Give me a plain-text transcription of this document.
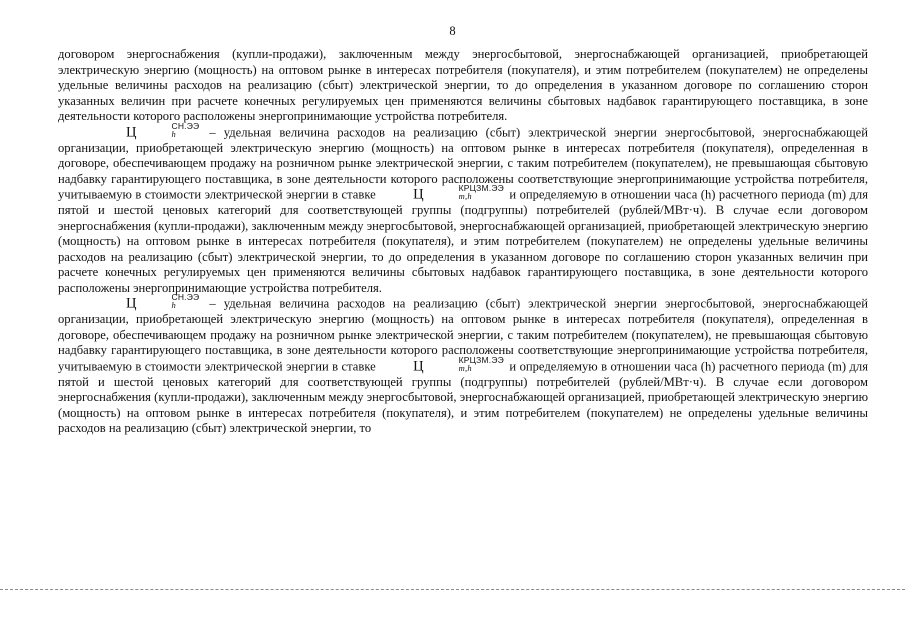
8

договором энергоснабжения (купли-продажи), заключенным между энергосбытовой, энергоснабжающей организацией, приобретающей электрическую энергию (мощность) на оптовом рынке в интересах потребителя (покупателя), и этим потребителем (покупателем) не определены удельные величины расходов на реализацию (сбыт) электрической энергии, то до определения в указанном договоре по соглашению сторон указанных величин при расчете конечных регулируемых цен применяются величины сбытовых надбавок гарантирующего поставщика, в зоне деятельности которого расположены энергопринимающие устройства потребителя.

Ц	СН.ЭЭ
h	– удельная величина расходов на реализацию (сбыт) электрической энергии энергосбытовой, энергоснабжающей организации, приобретающей электрическую энергию (мощность) на оптовом рынке в интересах потребителя (покупателя), определенная в договоре, обеспечивающем продажу на розничном рынке электрической энергии, с таким потребителем (покупателем), не превышающая сбытовую надбавку гарантирующего поставщика, в зоне деятельности которого расположены соответствующие энергопринимающие устройства потребителя, учитываемую в стоимости электрической энергии в ставке Ц	КРЦЗМ.ЭЭ
m,h	и определяемую в отношении часа (h) расчетного периода (m) для пятой и шестой ценовых категорий для соответствующей группы (подгруппы) потребителей (рублей/МВт·ч). В случае если договором энергоснабжения (купли-продажи), заключенным между энергосбытовой, энергоснабжающей организацией, приобретающей электрическую энергию (мощность) на оптовом рынке в интересах потребителя (покупателя), и этим потребителем (покупателем) не определены удельные величины расходов на реализацию (сбыт) электрической энергии, то до определения в указанном договоре по соглашению сторон указанных величин при расчете конечных регулируемых цен применяются величины сбытовых надбавок гарантирующего поставщика, в зоне деятельности которого расположены энергопринимающие устройства потребителя.

Ц	СН.ЭЭ
h	– удельная величина расходов на реализацию (сбыт) электрической энергии энергосбытовой, энергоснабжающей организации, приобретающей электрическую энергию (мощность) на оптовом рынке в интересах потребителя (покупателя), определенная в договоре, обеспечивающем продажу на розничном рынке электрической энергии, с таким потребителем (покупателем), не превышающая сбытовую надбавку гарантирующего поставщика, в зоне деятельности которого расположены соответствующие энергопринимающие устройства потребителя, учитываемую в стоимости электрической энергии в ставке Ц	КРЦЗМ.ЭЭ
m,h	и определяемую в отношении часа (h) расчетного периода (m) для пятой и шестой ценовых категорий для соответствующей группы (подгруппы) потребителей (рублей/МВт·ч). В случае если договором энергоснабжения (купли-продажи), заключенным между энергосбытовой, энергоснабжающей организацией, приобретающей электрическую энергию (мощность) на оптовом рынке в интересах потребителя (покупателя), и этим потребителем (покупателем) не определены удельные величины расходов на реализацию (сбыт) электрической энергии, то
